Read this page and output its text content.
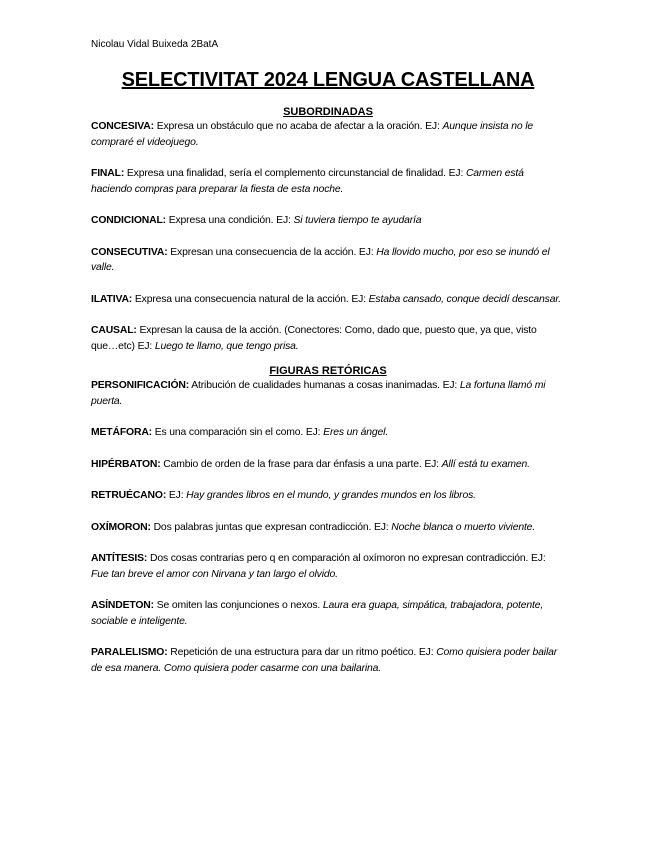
Nicolau Vidal Buixeda 2BatA
SELECTIVITAT 2024 LENGUA CASTELLANA
SUBORDINADAS

CONCESIVA: Expresa un obstáculo que no acaba de afectar a la oración. EJ: Aunque insista no le compraré el videojuego.

FINAL: Expresa una finalidad, sería el complemento circunstancial de finalidad. EJ: Carmen está haciendo compras para preparar la fiesta de esta noche.

CONDICIONAL: Expresa una condición. EJ: Si tuviera tiempo te ayudaría

CONSECUTIVA: Expresan una consecuencia de la acción. EJ: Ha llovido mucho, por eso se inundó el valle.

ILATIVA: Expresa una consecuencia natural de la acción. EJ: Estaba cansado, conque decidí descansar.

CAUSAL: Expresan la causa de la acción. (Conectores: Como, dado que, puesto que, ya que, visto que…etc) EJ: Luego te llamo, que tengo prisa.

FIGURAS RETÓRICAS

PERSONIFICACIÓN: Atribución de cualidades humanas a cosas inanimadas. EJ: La fortuna llamó mi puerta.

METÁFORA: Es una comparación sin el como. EJ: Eres un ángel.

HIPÉRBATON: Cambio de orden de la frase para dar énfasis a una parte. EJ: Allí está tu examen.

RETRUÉCANO: EJ: Hay grandes libros en el mundo, y grandes mundos en los libros.

OXÍMORON: Dos palabras juntas que expresan contradicción. EJ: Noche blanca o muerto viviente.

ANTÍTESIS: Dos cosas contrarias pero q en comparación al oxímoron no expresan contradicción. EJ: Fue tan breve el amor con Nirvana y tan largo el olvido.

ASÍNDETON: Se omiten las conjunciones o nexos. Laura era guapa, simpática, trabajadora, potente, sociable e inteligente.

PARALELISMO: Repetición de una estructura para dar un ritmo poético. EJ: Como quisiera poder bailar de esa manera. Como quisiera poder casarme con una bailarina.
